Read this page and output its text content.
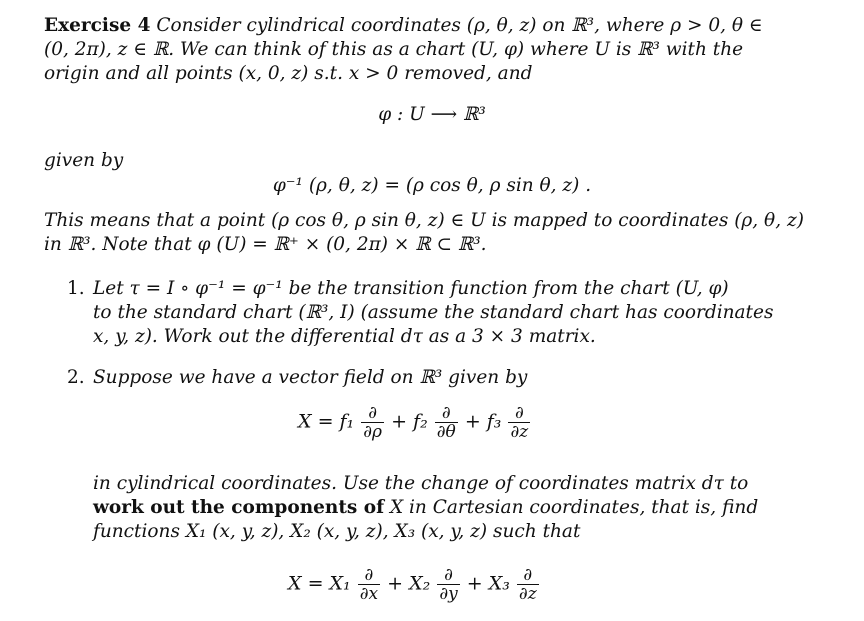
Exercise 4 Consider cylindrical coordinates (ρ, θ, z) on ℝ³, where ρ > 0, θ ∈
(0, 2π), z ∈ ℝ. We can think of this as a chart (U, φ) where U is ℝ³ with the
origin and all points (x, 0, z) s.t. x > 0 removed, and
φ : U ⟶ ℝ³
given by
φ⁻¹ (ρ, θ, z) = (ρ cos θ, ρ sin θ, z) .
This means that a point (ρ cos θ, ρ sin θ, z) ∈ U is mapped to coordinates (ρ, θ, z)
in ℝ³. Note that φ (U) = ℝ⁺ × (0, 2π) × ℝ ⊂ ℝ³.
1. Let τ = I ∘ φ⁻¹ = φ⁻¹ be the transition function from the chart (U, φ)
to the standard chart (ℝ³, I) (assume the standard chart has coordinates
x, y, z). Work out the differential dτ as a 3 × 3 matrix.
2. Suppose we have a vector field on ℝ³ given by
$X = f_1 \frac{\partial}{\partial\rho} + f_2 \frac{\partial}{\partial\theta} + f_3 \frac{\partial}{\partial z}$
in cylindrical coordinates. Use the change of coordinates matrix dτ to
work out the components of X in Cartesian coordinates, that is, find
functions X₁ (x, y, z), X₂ (x, y, z), X₃ (x, y, z) such that
$X = X_1 \frac{\partial}{\partial x} + X_2 \frac{\partial}{\partial y} + X_3 \frac{\partial}{\partial z}$
